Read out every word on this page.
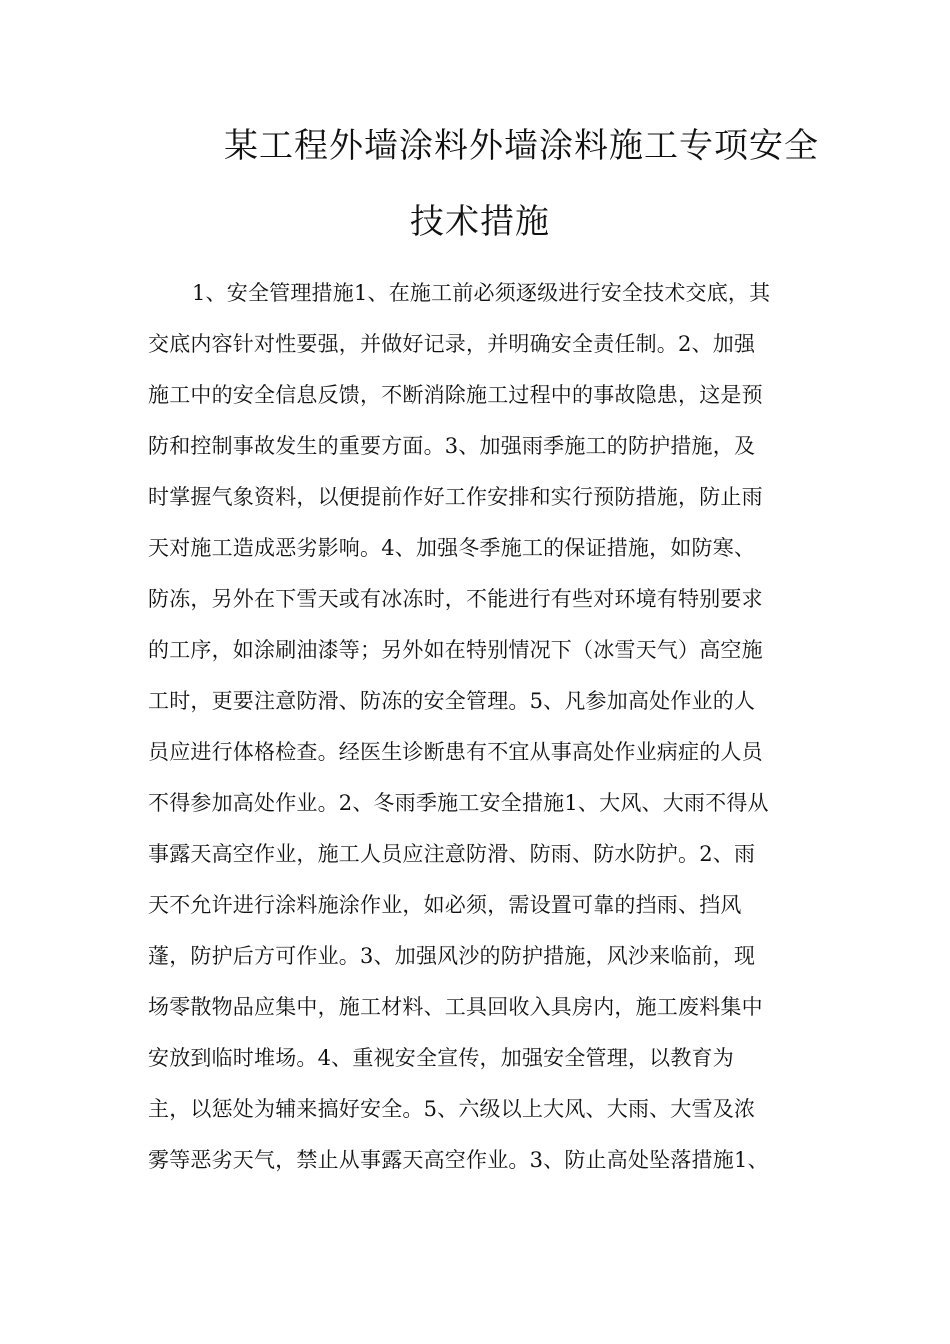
某工程外墙涂料外墙涂料施工专项安全
技术措施
1、安全管理措施1、在施工前必须逐级进行安全技术交底，其
交底内容针对性要强，并做好记录，并明确安全责任制。2、加强
施工中的安全信息反馈，不断消除施工过程中的事故隐患，这是预
防和控制事故发生的重要方面。3、加强雨季施工的防护措施，及
时掌握气象资料，以便提前作好工作安排和实行预防措施，防止雨
天对施工造成恶劣影响。4、加强冬季施工的保证措施，如防寒、
防冻，另外在下雪天或有冰冻时，不能进行有些对环境有特别要求
的工序，如涂刷油漆等；另外如在特别情况下（冰雪天气）高空施
工时，更要注意防滑、防冻的安全管理。5、凡参加高处作业的人
员应进行体格检查。经医生诊断患有不宜从事高处作业病症的人员
不得参加高处作业。2、冬雨季施工安全措施1、大风、大雨不得从
事露天高空作业，施工人员应注意防滑、防雨、防水防护。2、雨
天不允许进行涂料施涂作业，如必须，需设置可靠的挡雨、挡风
蓬，防护后方可作业。3、加强风沙的防护措施，风沙来临前，现
场零散物品应集中，施工材料、工具回收入具房内，施工废料集中
安放到临时堆场。4、重视安全宣传，加强安全管理，以教育为
主，以惩处为辅来搞好安全。5、六级以上大风、大雨、大雪及浓
雾等恶劣天气，禁止从事露天高空作业。3、防止高处坠落措施1、
